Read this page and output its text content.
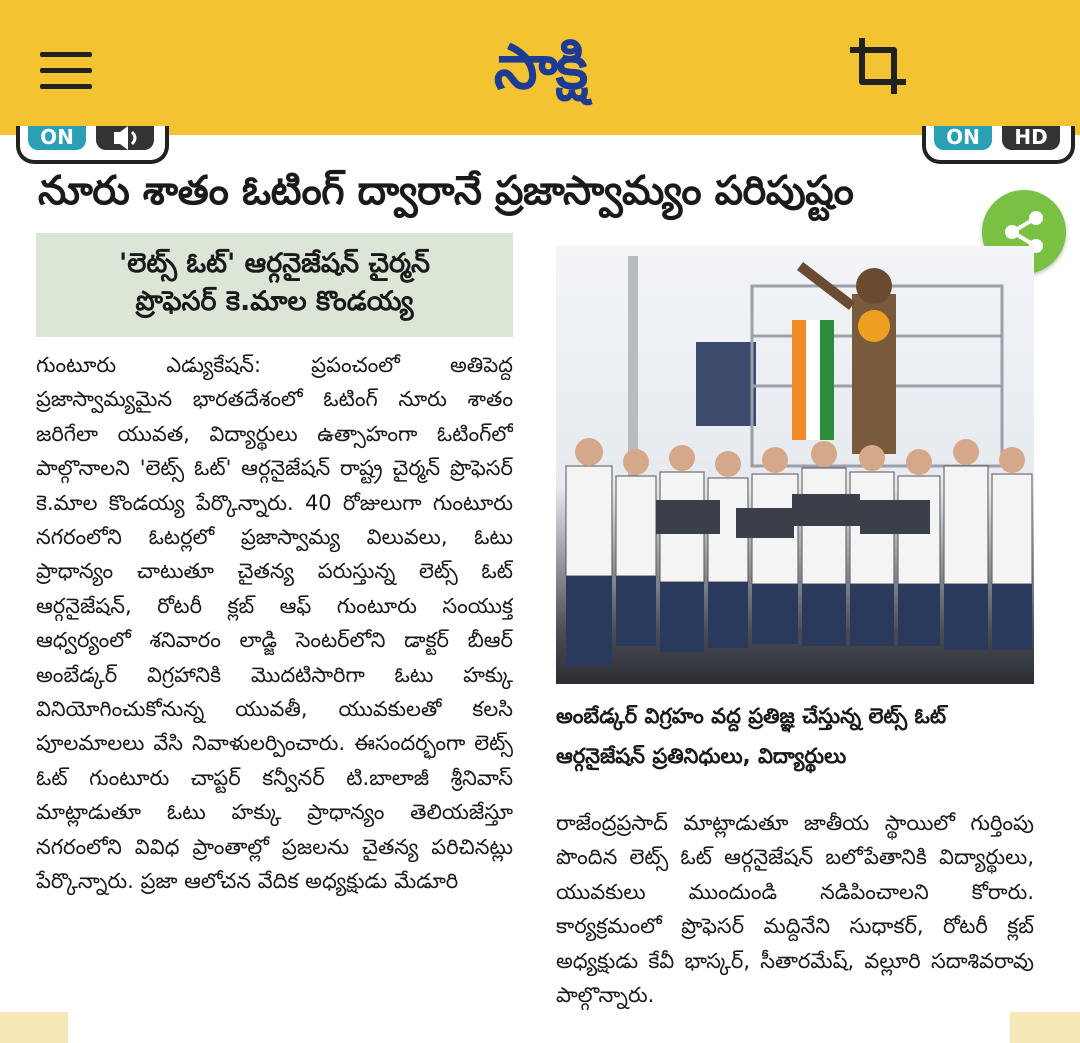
సాక్షి
ON	ON	HD
నూరు శాతం ఓటింగ్ ద్వారానే ప్రజాస్వామ్యం పరిపుష్టం
'లెట్స్ ఓట్' ఆర్గనైజేషన్ చైర్మన్
ప్రొఫెసర్ కె.మాల కొండయ్య

గుంటూరు ఎడ్యుకేషన్: ప్రపంచంలో అతిపెద్ద ప్రజాస్వామ్యమైన భారతదేశంలో ఓటింగ్ నూరు శాతం జరిగేలా యువత, విద్యార్థులు ఉత్సాహంగా ఓటింగ్‌లో పాల్గొనాలని 'లెట్స్ ఓట్' ఆర్గనైజేషన్ రాష్ట్ర చైర్మన్ ప్రొఫెసర్ కె.మాల కొండయ్య పేర్కొన్నారు. 40 రోజులుగా గుంటూరు నగరంలోని ఓటర్లలో ప్రజాస్వామ్య విలువలు, ఓటు ప్రాధాన్యం చాటుతూ చైతన్య పరుస్తున్న లెట్స్ ఓట్ ఆర్గనైజేషన్, రోటరీ క్లబ్ ఆఫ్ గుంటూరు సంయుక్త ఆధ్వర్యంలో శనివారం లాడ్జి సెంటర్‌లోని డాక్టర్ బీఆర్ అంబేడ్కర్ విగ్రహానికి మొదటిసారిగా ఓటు హక్కు వినియోగించుకోనున్న యువతీ, యువకులతో కలసి పూలమాలలు వేసి నివాళులర్పించారు. ఈసందర్భంగా లెట్స్ ఓట్ గుంటూరు చాప్టర్ కన్వీనర్ టి.బాలాజీ శ్రీనివాస్ మాట్లాడుతూ ఓటు హక్కు ప్రాధాన్యం తెలియజేస్తూ నగరంలోని వివిధ ప్రాంతాల్లో ప్రజలను చైతన్య పరిచినట్లు పేర్కొన్నారు. ప్రజా ఆలోచన వేదిక అధ్యక్షుడు మేడూరి

అంబేడ్కర్ విగ్రహం వద్ద ప్రతిజ్ఞ చేస్తున్న లెట్స్ ఓట్
ఆర్గనైజేషన్ ప్రతినిధులు, విద్యార్థులు

రాజేంద్రప్రసాద్ మాట్లాడుతూ జాతీయ స్థాయిలో గుర్తింపు పొందిన లెట్స్ ఓట్ ఆర్గనైజేషన్ బలోపేతానికి విద్యార్థులు, యువకులు ముందుండి నడిపించాలని కోరారు. కార్యక్రమంలో ప్రొఫెసర్ మద్దినేని సుధాకర్, రోటరీ క్లబ్ అధ్యక్షుడు కేవీ భాస్కర్, సీతారమేష్, వల్లూరి సదాశివరావు పాల్గొన్నారు.
